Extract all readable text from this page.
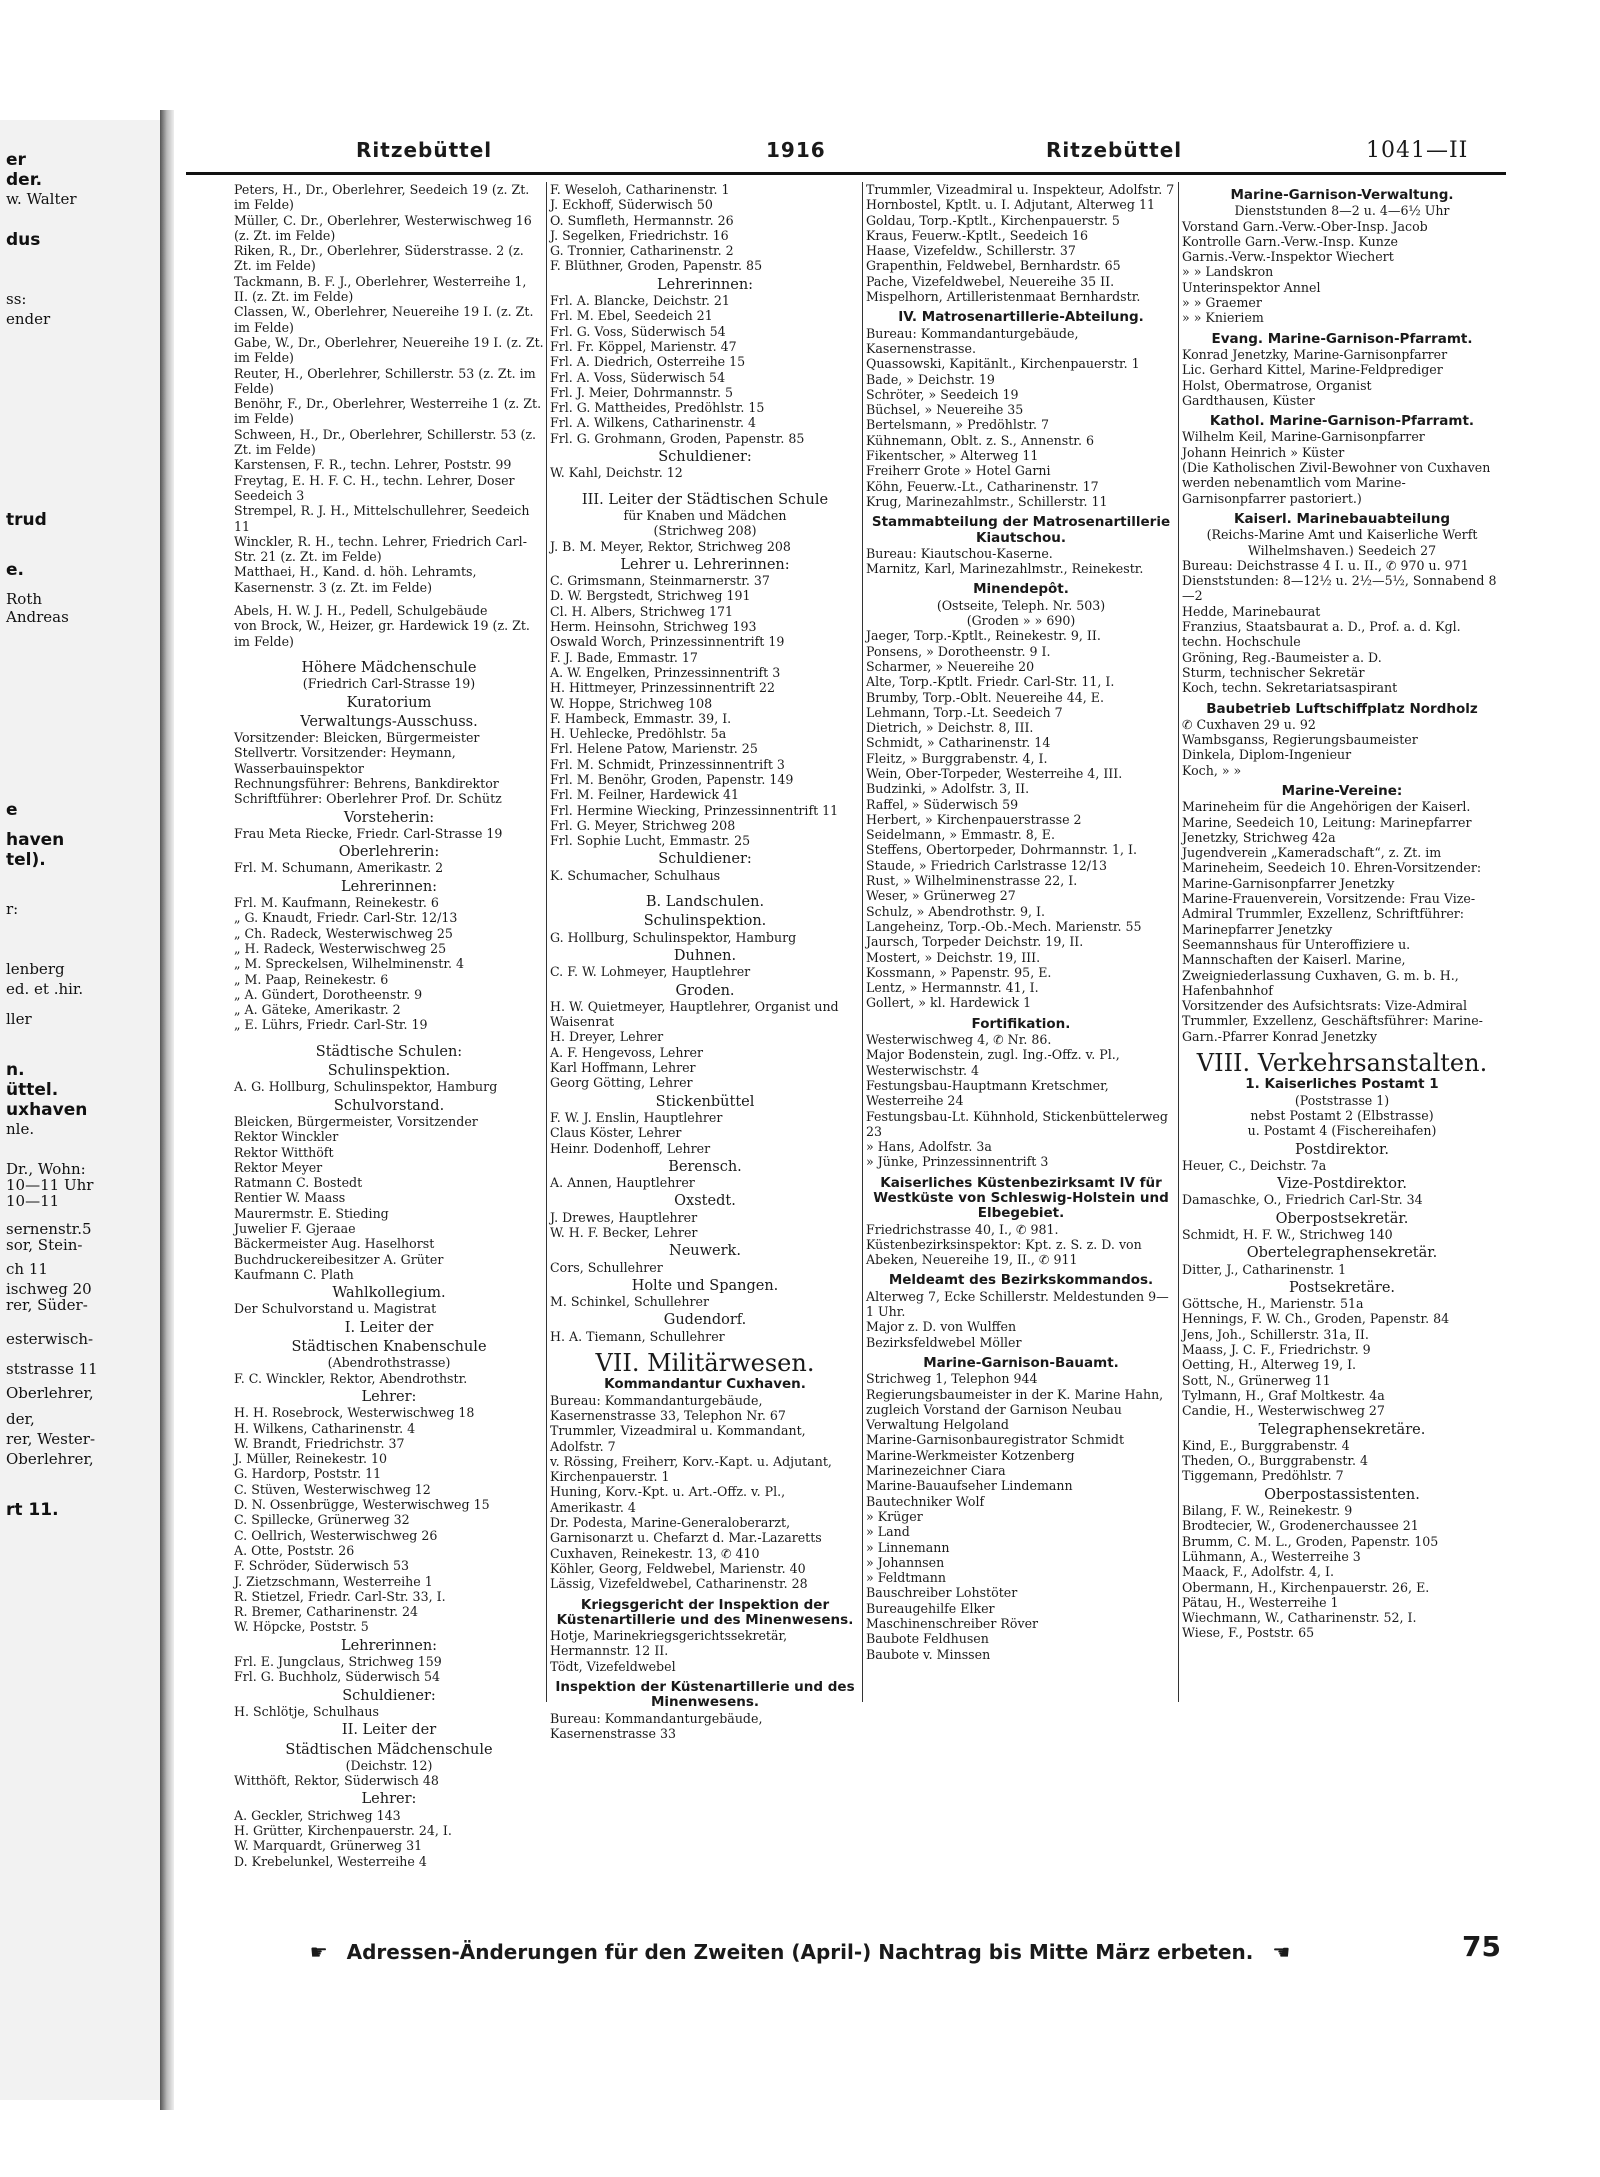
er
der.
w. Walter
dus
ss:
ender
trud
e.
Roth
Andreas
e
haven
tel).
r:
lenberg
ed. et .hir.
ller
n.
üttel.
uxhaven
nle.
Dr., Wohn:
10—11 Uhr
10—11
sernenstr.5
sor, Stein-
ch 11
ischweg 20
rer, Süder-
esterwisch-
ststrasse 11
Oberlehrer,
der,
rer, Wester-
Oberlehrer,
rt 11.
Ritzebüttel	1916	Ritzebüttel	1041—II
Peters, H., Dr., Oberlehrer, Seedeich 19 (z. Zt. im Felde)
Müller, C. Dr., Oberlehrer, Westerwischweg 16 (z. Zt. im Felde)
Riken, R., Dr., Oberlehrer, Süderstrasse. 2 (z. Zt. im Felde)
Tackmann, B. F. J., Oberlehrer, Westerreihe 1, II. (z. Zt. im Felde)
Classen, W., Oberlehrer, Neuereihe 19 I. (z. Zt. im Felde)
Gabe, W., Dr., Oberlehrer, Neuereihe 19 I. (z. Zt. im Felde)
Reuter, H., Oberlehrer, Schillerstr. 53 (z. Zt. im Felde)
Benöhr, F., Dr., Oberlehrer, Westerreihe 1 (z. Zt. im Felde)
Schween, H., Dr., Oberlehrer, Schillerstr. 53 (z. Zt. im Felde)
Karstensen, F. R., techn. Lehrer, Poststr. 99
Freytag, E. H. F. C. H., techn. Lehrer, Doser Seedeich 3
Strempel, R. J. H., Mittelschullehrer, Seedeich 11
Winckler, R. H., techn. Lehrer, Friedrich Carl-Str. 21 (z. Zt. im Felde)
Matthaei, H., Kand. d. höh. Lehramts, Kasernenstr. 3 (z. Zt. im Felde)
Abels, H. W. J. H., Pedell, Schulgebäude
von Brock, W., Heizer, gr. Hardewick 19 (z. Zt. im Felde)
Höhere Mädchenschule
(Friedrich Carl-Strasse 19)
Kuratorium
Verwaltungs-Ausschuss.
Vorsitzender: Bleicken, Bürgermeister
Stellvertr. Vorsitzender: Heymann, Wasserbauinspektor
Rechnungsführer: Behrens, Bankdirektor
Schriftführer: Oberlehrer Prof. Dr. Schütz
Vorsteherin:
Frau Meta Riecke, Friedr. Carl-Strasse 19
Oberlehrerin:
Frl. M. Schumann, Amerikastr. 2
Lehrerinnen:
Frl. M. Kaufmann, Reinekestr. 6
„ G. Knaudt, Friedr. Carl-Str. 12/13
„ Ch. Radeck, Westerwischweg 25
„ H. Radeck, Westerwischweg 25
„ M. Spreckelsen, Wilhelminenstr. 4
„ M. Paap, Reinekestr. 6
„ A. Gündert, Dorotheenstr. 9
„ A. Gäteke, Amerikastr. 2
„ E. Lührs, Friedr. Carl-Str. 19
Städtische Schulen:
Schulinspektion.
A. G. Hollburg, Schulinspektor, Hamburg
Schulvorstand.
Bleicken, Bürgermeister, Vorsitzender
Rektor Winckler
Rektor Witthöft
Rektor Meyer
Ratmann C. Bostedt
Rentier W. Maass
Maurermstr. E. Stieding
Juwelier F. Gjeraae
Bäckermeister Aug. Haselhorst
Buchdruckereibesitzer A. Grüter
Kaufmann C. Plath
Wahlkollegium.
Der Schulvorstand u. Magistrat
I. Leiter der
Städtischen Knabenschule
(Abendrothstrasse)
F. C. Winckler, Rektor, Abendrothstr.
Lehrer:
H. H. Rosebrock, Westerwischweg 18
H. Wilkens, Catharinenstr. 4
W. Brandt, Friedrichstr. 37
J. Müller, Reinekestr. 10
G. Hardorp, Poststr. 11
C. Stüven, Westerwischweg 12
D. N. Ossenbrügge, Westerwischweg 15
C. Spillecke, Grünerweg 32
C. Oellrich, Westerwischweg 26
A. Otte, Poststr. 26
F. Schröder, Süderwisch 53
J. Zietzschmann, Westerreihe 1
R. Stietzel, Friedr. Carl-Str. 33, I.
R. Bremer, Catharinenstr. 24
W. Höpcke, Poststr. 5
Lehrerinnen:
Frl. E. Jungclaus, Strichweg 159
Frl. G. Buchholz, Süderwisch 54
Schuldiener:
H. Schlötje, Schulhaus
II. Leiter der
Städtischen Mädchenschule
(Deichstr. 12)
Witthöft, Rektor, Süderwisch 48
Lehrer:
A. Geckler, Strichweg 143
H. Grütter, Kirchenpauerstr. 24, I.
W. Marquardt, Grünerweg 31
D. Krebelunkel, Westerreihe 4
F. Weseloh, Catharinenstr. 1
J. Eckhoff, Süderwisch 50
O. Sumfleth, Hermannstr. 26
J. Segelken, Friedrichstr. 16
G. Tronnier, Catharinenstr. 2
F. Blüthner, Groden, Papenstr. 85
Lehrerinnen:
Frl. A. Blancke, Deichstr. 21
Frl. M. Ebel, Seedeich 21
Frl. G. Voss, Süderwisch 54
Frl. Fr. Köppel, Marienstr. 47
Frl. A. Diedrich, Osterreihe 15
Frl. A. Voss, Süderwisch 54
Frl. J. Meier, Dohrmannstr. 5
Frl. G. Mattheides, Predöhlstr. 15
Frl. A. Wilkens, Catharinenstr. 4
Frl. G. Grohmann, Groden, Papenstr. 85
Schuldiener:
W. Kahl, Deichstr. 12
III. Leiter der Städtischen Schule
für Knaben und Mädchen
(Strichweg 208)
J. B. M. Meyer, Rektor, Strichweg 208
Lehrer u. Lehrerinnen:
C. Grimsmann, Steinmarnerstr. 37
D. W. Bergstedt, Strichweg 191
Cl. H. Albers, Strichweg 171
Herm. Heinsohn, Strichweg 193
Oswald Worch, Prinzessinnentrift 19
F. J. Bade, Emmastr. 17
A. W. Engelken, Prinzessinnentrift 3
H. Hittmeyer, Prinzessinnentrift 22
W. Hoppe, Strichweg 108
F. Hambeck, Emmastr. 39, I.
H. Uehlecke, Predöhlstr. 5a
Frl. Helene Patow, Marienstr. 25
Frl. M. Schmidt, Prinzessinnentrift 3
Frl. M. Benöhr, Groden, Papenstr. 149
Frl. M. Feilner, Hardewick 41
Frl. Hermine Wiecking, Prinzessinnentrift 11
Frl. G. Meyer, Strichweg 208
Frl. Sophie Lucht, Emmastr. 25
Schuldiener:
K. Schumacher, Schulhaus
B. Landschulen.
Schulinspektion.
G. Hollburg, Schulinspektor, Hamburg
Duhnen.
C. F. W. Lohmeyer, Hauptlehrer
Groden.
H. W. Quietmeyer, Hauptlehrer, Organist und Waisenrat
H. Dreyer, Lehrer
A. F. Hengevoss, Lehrer
Karl Hoffmann, Lehrer
Georg Götting, Lehrer
Stickenbüttel
F. W. J. Enslin, Hauptlehrer
Claus Köster, Lehrer
Heinr. Dodenhoff, Lehrer
Berensch.
A. Annen, Hauptlehrer
Oxstedt.
J. Drewes, Hauptlehrer
W. H. F. Becker, Lehrer
Neuwerk.
Cors, Schullehrer
Holte und Spangen.
M. Schinkel, Schullehrer
Gudendorf.
H. A. Tiemann, Schullehrer
VII. Militärwesen.
Kommandantur Cuxhaven.
Bureau: Kommandanturgebäude, Kasernenstrasse 33, Telephon Nr. 67
Trummler, Vizeadmiral u. Kommandant, Adolfstr. 7
v. Rössing, Freiherr, Korv.-Kapt. u. Adjutant, Kirchenpauerstr. 1
Huning, Korv.-Kpt. u. Art.-Offz. v. Pl., Amerikastr. 4
Dr. Podesta, Marine-Generaloberarzt, Garnisonarzt u. Chefarzt d. Mar.-Lazaretts Cuxhaven, Reinekestr. 13, ✆ 410
Köhler, Georg, Feldwebel, Marienstr. 40
Lässig, Vizefeldwebel, Catharinenstr. 28
Kriegsgericht der Inspektion der Küstenartillerie und des Minenwesens.
Hotje, Marinekriegsgerichtssekretär, Hermannstr. 12 II.
Tödt, Vizefeldwebel
Inspektion der Küstenartillerie und des Minenwesens.
Bureau: Kommandanturgebäude, Kasernenstrasse 33
Trummler, Vizeadmiral u. Inspekteur, Adolfstr. 7
Hornbostel, Kptlt. u. I. Adjutant, Alterweg 11
Goldau, Torp.-Kptlt., Kirchenpauerstr. 5
Kraus, Feuerw.-Kptlt., Seedeich 16
Haase, Vizefeldw., Schillerstr. 37
Grapenthin, Feldwebel, Bernhardstr. 65
Pache, Vizefeldwebel, Neuereihe 35 II.
Mispelhorn, Artilleristenmaat Bernhardstr.
IV. Matrosenartillerie-Abteilung.
Bureau: Kommandanturgebäude, Kasernenstrasse.
Quassowski, Kapitänlt., Kirchenpauerstr. 1
Bade, » Deichstr. 19
Schröter, » Seedeich 19
Büchsel, » Neuereihe 35
Bertelsmann, » Predöhlstr. 7
Kühnemann, Oblt. z. S., Annenstr. 6
Fikentscher, » Alterweg 11
Freiherr Grote » Hotel Garni
Köhn, Feuerw.-Lt., Catharinenstr. 17
Krug, Marinezahlmstr., Schillerstr. 11
Stammabteilung der Matrosenartillerie Kiautschou.
Bureau: Kiautschou-Kaserne.
Marnitz, Karl, Marinezahlmstr., Reinekestr.
Minendepôt.
(Ostseite, Teleph. Nr. 503)
(Groden » » 690)
Jaeger, Torp.-Kptlt., Reinekestr. 9, II.
Ponsens, » Dorotheenstr. 9 I.
Scharmer, » Neuereihe 20
Alte, Torp.-Kptlt. Friedr. Carl-Str. 11, I.
Brumby, Torp.-Oblt. Neuereihe 44, E.
Lehmann, Torp.-Lt. Seedeich 7
Dietrich, » Deichstr. 8, III.
Schmidt, » Catharinenstr. 14
Fleitz, » Burggrabenstr. 4, I.
Wein, Ober-Torpeder, Westerreihe 4, III.
Budzinki, » Adolfstr. 3, II.
Raffel, » Süderwisch 59
Herbert, » Kirchenpauerstrasse 2
Seidelmann, » Emmastr. 8, E.
Steffens, Obertorpeder, Dohrmannstr. 1, I.
Staude, » Friedrich Carlstrasse 12/13
Rust, » Wilhelminenstrasse 22, I.
Weser, » Grünerweg 27
Schulz, » Abendrothstr. 9, I.
Langeheinz, Torp.-Ob.-Mech. Marienstr. 55
Jaursch, Torpeder Deichstr. 19, II.
Mostert, » Deichstr. 19, III.
Kossmann, » Papenstr. 95, E.
Lentz, » Hermannstr. 41, I.
Gollert, » kl. Hardewick 1
Fortifikation.
Westerwischweg 4, ✆ Nr. 86.
Major Bodenstein, zugl. Ing.-Offz. v. Pl., Westerwischstr. 4
Festungsbau-Hauptmann Kretschmer, Westerreihe 24
Festungsbau-Lt. Kühnhold, Stickenbüttelerweg 23
» Hans, Adolfstr. 3a
» Jünke, Prinzessinnentrift 3
Kaiserliches Küstenbezirksamt IV für Westküste von Schleswig-Holstein und Elbegebiet.
Friedrichstrasse 40, I., ✆ 981.
Küstenbezirksinspektor: Kpt. z. S. z. D. von Abeken, Neuereihe 19, II., ✆ 911
Meldeamt des Bezirkskommandos.
Alterweg 7, Ecke Schillerstr. Meldestunden 9—1 Uhr.
Major z. D. von Wulffen
Bezirksfeldwebel Möller
Marine-Garnison-Bauamt.
Strichweg 1, Telephon 944
Regierungsbaumeister in der K. Marine Hahn, zugleich Vorstand der Garnison Neubau Verwaltung Helgoland
Marine-Garnisonbauregistrator Schmidt
Marine-Werkmeister Kotzenberg
Marinezeichner Ciara
Marine-Bauaufseher Lindemann
Bautechniker Wolf
» Krüger
» Land
» Linnemann
» Johannsen
» Feldtmann
Bauschreiber Lohstöter
Bureaugehilfe Elker
Maschinenschreiber Röver
Baubote Feldhusen
Baubote v. Minssen
Marine-Garnison-Verwaltung.
Dienststunden 8—2 u. 4—6½ Uhr
Vorstand Garn.-Verw.-Ober-Insp. Jacob
Kontrolle Garn.-Verw.-Insp. Kunze
Garnis.-Verw.-Inspektor Wiechert
» » Landskron
Unterinspektor Annel
» » Graemer
» » Knieriem
Evang. Marine-Garnison-Pfarramt.
Konrad Jenetzky, Marine-Garnisonpfarrer
Lic. Gerhard Kittel, Marine-Feldprediger
Holst, Obermatrose, Organist
Gardthausen, Küster
Kathol. Marine-Garnison-Pfarramt.
Wilhelm Keil, Marine-Garnisonpfarrer
Johann Heinrich » Küster
(Die Katholischen Zivil-Bewohner von Cuxhaven werden nebenamtlich vom Marine-Garnisonpfarrer pastoriert.)
Kaiserl. Marinebauabteilung
(Reichs-Marine Amt und Kaiserliche Werft Wilhelmshaven.) Seedeich 27
Bureau: Deichstrasse 4 I. u. II., ✆ 970 u. 971
Dienststunden: 8—12½ u. 2½—5½, Sonnabend 8—2
Hedde, Marinebaurat
Franzius, Staatsbaurat a. D., Prof. a. d. Kgl. techn. Hochschule
Gröning, Reg.-Baumeister a. D.
Sturm, technischer Sekretär
Koch, techn. Sekretariatsaspirant
Baubetrieb Luftschiffplatz Nordholz
✆ Cuxhaven 29 u. 92
Wambsganss, Regierungsbaumeister
Dinkela, Diplom-Ingenieur
Koch, » »
Marine-Vereine:
Marineheim für die Angehörigen der Kaiserl. Marine, Seedeich 10, Leitung: Marinepfarrer Jenetzky, Strichweg 42a
Jugendverein „Kameradschaft“, z. Zt. im Marineheim, Seedeich 10. Ehren-Vorsitzender: Marine-Garnisonpfarrer Jenetzky
Marine-Frauenverein, Vorsitzende: Frau Vize-Admiral Trummler, Exzellenz, Schriftführer: Marinepfarrer Jenetzky
Seemannshaus für Unteroffiziere u. Mannschaften der Kaiserl. Marine, Zweigniederlassung Cuxhaven, G. m. b. H., Hafenbahnhof
Vorsitzender des Aufsichtsrats: Vize-Admiral Trummler, Exzellenz, Geschäftsführer: Marine-Garn.-Pfarrer Konrad Jenetzky
VIII. Verkehrsanstalten.
1. Kaiserliches Postamt 1
(Poststrasse 1)
nebst Postamt 2 (Elbstrasse)
u. Postamt 4 (Fischereihafen)
Postdirektor.
Heuer, C., Deichstr. 7a
Vize-Postdirektor.
Damaschke, O., Friedrich Carl-Str. 34
Oberpostsekretär.
Schmidt, H. F. W., Strichweg 140
Obertelegraphensekretär.
Ditter, J., Catharinenstr. 1
Postsekretäre.
Göttsche, H., Marienstr. 51a
Hennings, F. W. Ch., Groden, Papenstr. 84
Jens, Joh., Schillerstr. 31a, II.
Maass, J. C. F., Friedrichstr. 9
Oetting, H., Alterweg 19, I.
Sott, N., Grünerweg 11
Tylmann, H., Graf Moltkestr. 4a
Candie, H., Westerwischweg 27
Telegraphensekretäre.
Kind, E., Burggrabenstr. 4
Theden, O., Burggrabenstr. 4
Tiggemann, Predöhlstr. 7
Oberpostassistenten.
Bilang, F. W., Reinekestr. 9
Brodtecier, W., Grodenerchaussee 21
Brumm, C. M. L., Groden, Papenstr. 105
Lühmann, A., Westerreihe 3
Maack, F., Adolfstr. 4, I.
Obermann, H., Kirchenpauerstr. 26, E.
Pätau, H., Westerreihe 1
Wiechmann, W., Catharinenstr. 52, I.
Wiese, F., Poststr. 65
☛ Adressen-Änderungen für den Zweiten (April-) Nachtrag bis Mitte März erbeten. ☚	75
